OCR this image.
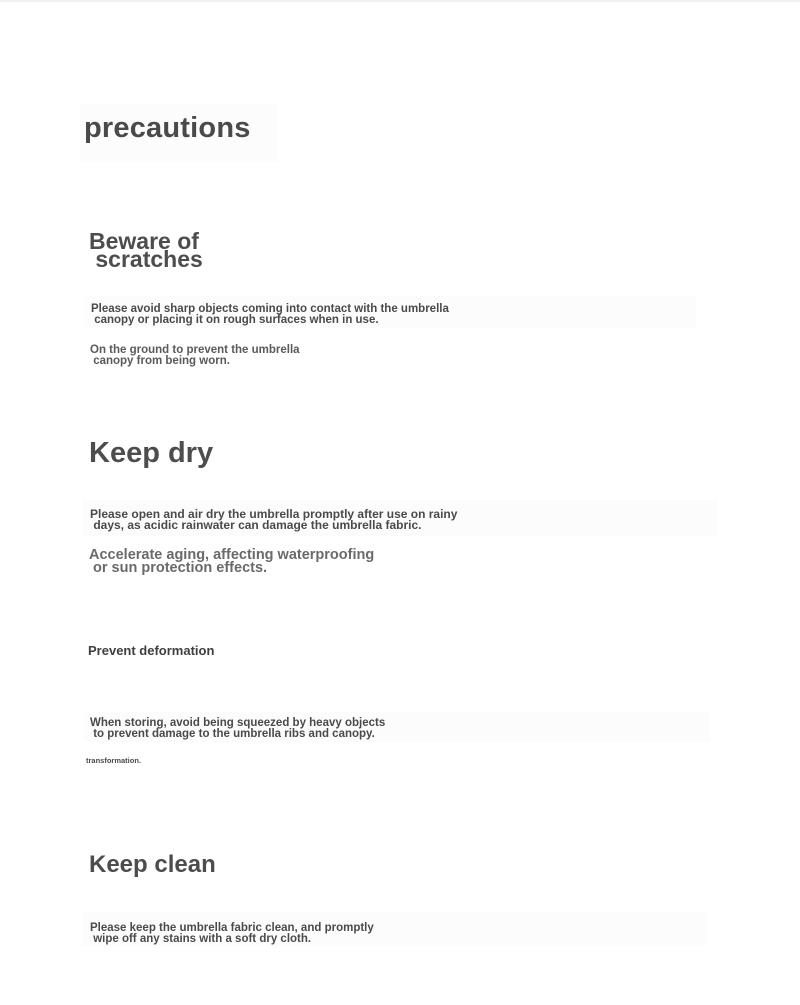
precautions
Beware of
scratches

Please avoid sharp objects coming into contact with the umbrella
canopy or placing it on rough surfaces when in use.

On the ground to prevent the umbrella
canopy from being worn.

Keep dry

Please open and air dry the umbrella promptly after use on rainy
days, as acidic rainwater can damage the umbrella fabric.

Accelerate aging, affecting waterproofing
or sun protection effects.

Prevent deformation

When storing, avoid being squeezed by heavy objects
to prevent damage to the umbrella ribs and canopy.

transformation.

Keep clean

Please keep the umbrella fabric clean, and promptly
wipe off any stains with a soft dry cloth.
